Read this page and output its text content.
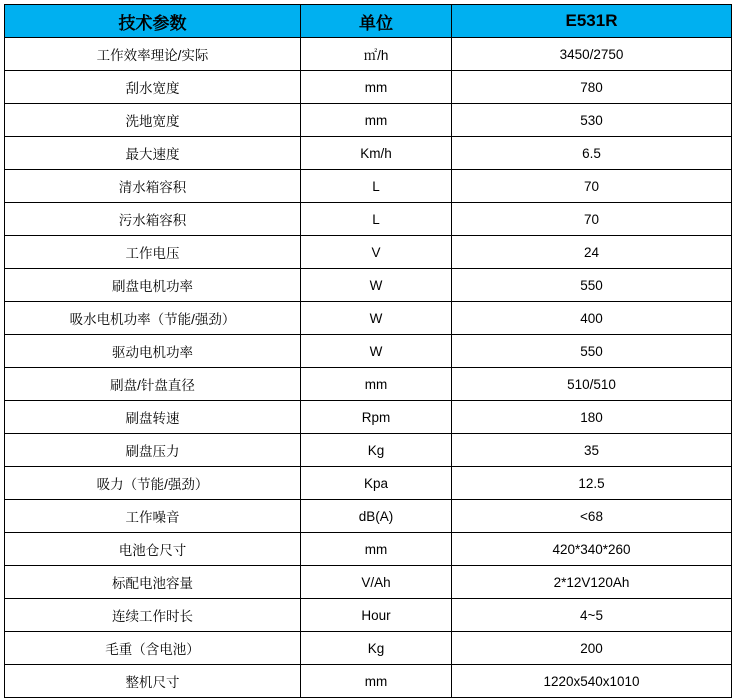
技术参数	单位	E531R
工作效率理论/实际	㎡/h	3450/2750
刮水宽度	mm	780
洗地宽度	mm	530
最大速度	Km/h	6.5
清水箱容积	L	70
污水箱容积	L	70
工作电压	V	24
刷盘电机功率	W	550
吸水电机功率（节能/强劲）	W	400
驱动电机功率	W	550
刷盘/针盘直径	mm	510/510
刷盘转速	Rpm	180
刷盘压力	Kg	35
吸力（节能/强劲）	Kpa	12.5
工作噪音	dB(A)	<68
电池仓尺寸	mm	420*340*260
标配电池容量	V/Ah	2*12V120Ah
连续工作时长	Hour	4~5
毛重（含电池）	Kg	200
整机尺寸	mm	1220x540x1010
